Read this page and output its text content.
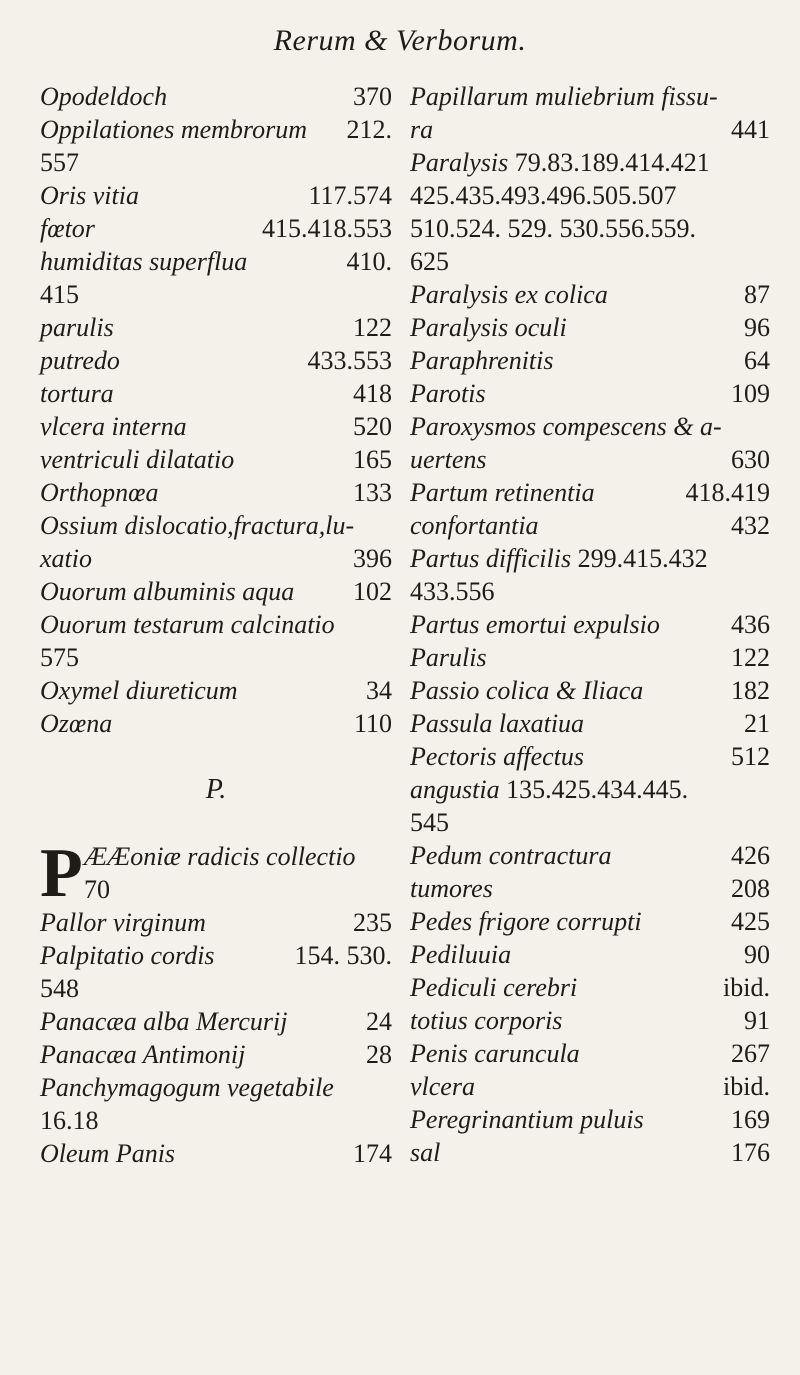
Rerum & Verborum.
Opodeldoch	370
Oppilationes membrorum 212.
557
Oris vitia	117.574
fœtor	415.418.553
humiditas superflua	410.
415
parulis	122
putredo	433.553
tortura	418
vlcera interna	520
ventriculi dilatatio	165
Orthopnœa	133
Ossium dislocatio,fractura,lu-
xatio	396
Ouorum albuminis aqua 102
Ouorum testarum calcinatio
575
Oxymel diureticum	34
Ozœna	110
P.
P ÆÆoniæ radicis collectio
70
Pallor virginum	235
Palpitatio cordis	154. 530.
548
Panacæa alba Mercurij	24
Panacæa Antimonij	28
Panchymagogum vegetabile
16.18
Oleum Panis	174
Papillarum muliebrium fissu-
ra	441
Paralysis 79.83.189.414.421
425.435.493.496.505.507
510.524. 529. 530.556.559.
625
Paralysis ex colica	87
Paralysis oculi	96
Paraphrenitis	64
Parotis	109
Paroxysmos compescens & a-
uertens	630
Partum retinentia	418.419
confortantia	432
Partus difficilis 299.415.432
433.556
Partus emortui expulsio	436
Parulis	122
Passio colica & Iliaca	182
Passula laxatiua	21
Pectoris affectus	512
angustia 135.425.434.445.
545
Pedum contractura	426
tumores	208
Pedes frigore corrupti	425
Pediluuia	90
Pediculi cerebri	ibid.
totius corporis	91
Penis caruncula	267
vlcera	ibid.
Peregrinantium puluis	169
sal	176
